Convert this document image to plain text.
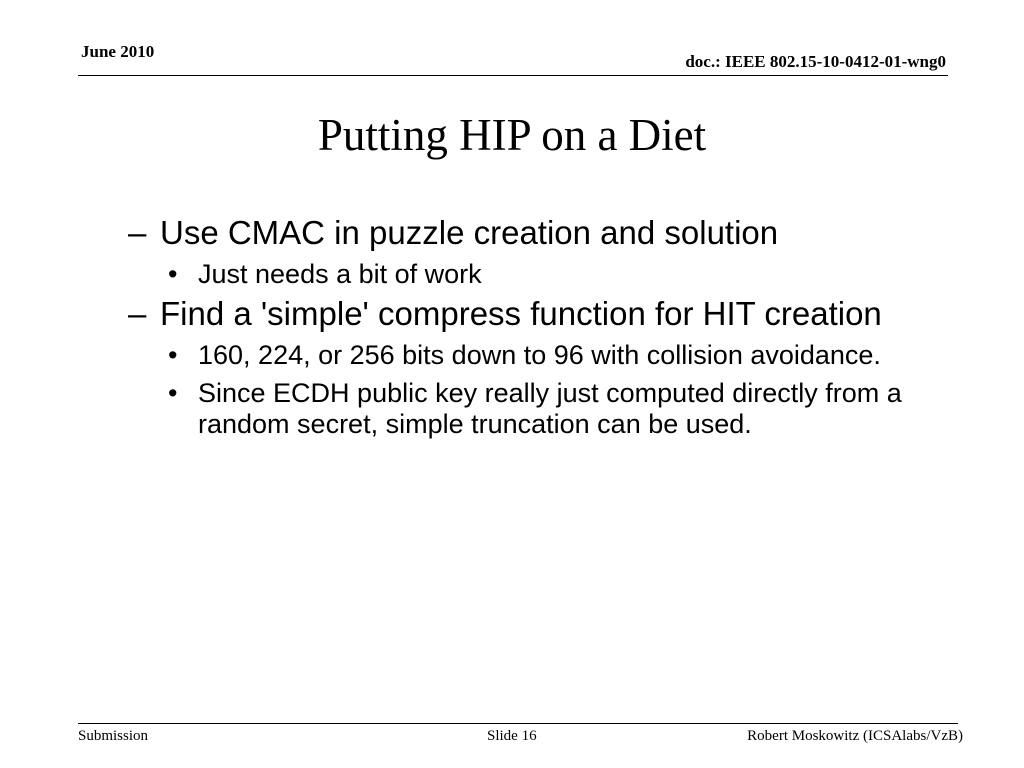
June 2010
doc.: IEEE 802.15-10-0412-01-wng0
Putting HIP on a Diet
– Use CMAC in puzzle creation and solution
• Just needs a bit of work
– Find a 'simple' compress function for HIT creation
• 160, 224, or 256 bits down to 96 with collision avoidance.
• Since ECDH public key really just computed directly from a random secret, simple truncation can be used.
Submission	Slide 16	Robert Moskowitz (ICSAlabs/VzB)
